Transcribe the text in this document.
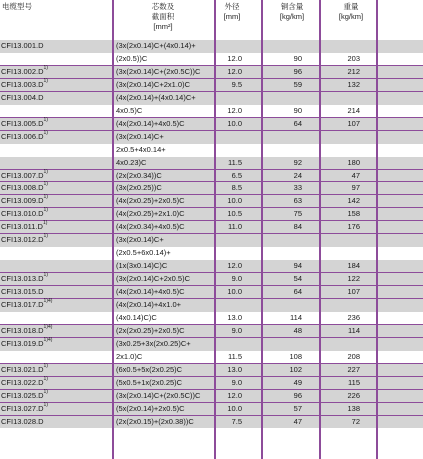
电缆型号	芯数及
截面积
[mm²]
外径
[mm]
铜含量
[kg/km]
重量
[kg/km]
CFI13.001.D	(3x(2x0.14)C+(4x0.14)+
(2x0.5))C	12.0	90	203
$CFI13.002.D^{1)}$	(3x(2x0.14)C+(2x0.5C))C	12.0	96	212
$CFI13.003.D^{1)}$	(3x(2x0.14)C+2x1.0)C	9.5	59	132
CFI13.004.D	(4x(2x0.14)+(4x0.14)C+
4x0.5)C	12.0	90	214
$CFI13.005.D^{1)}$	(4x(2x0.14)+4x0.5)C	10.0	64	107
$CFI13.006.D^{1)}$	(3x(2x0.14)C+
2x0.5+4x0.14+
4x0.23)C	11.5	92	180
$CFI13.007.D^{1)}$	(2x(2x0.34))C	6.5	24	47
$CFI13.008.D^{1)}$	(3x(2x0.25))C	8.5	33	97
$CFI13.009.D^{1)}$	(4x(2x0.25)+2x0.5)C	10.0	63	142
$CFI13.010.D^{1)}$	(4x(2x0.25)+2x1.0)C	10.5	75	158
$CFI13.011.D^{1)}$	(4x(2x0.34)+4x0.5)C	11.0	84	176
$CFI13.012.D^{1)}$	(3x(2x0.14)C+
(2x0.5+6x0.14)+
(1x(3x0.14)C)C	12.0	94	184
$CFI13.013.D^{1)}$	(3x(2x0.14)C+2x0.5)C	9.0	54	122
CFI13.015.D	(4x(2x0.14)+4x0.5)C	10.0	64	107
$CFI13.017.D^{1)4)}$	(4x(2x0.14)+4x1.0+
(4x0.14)C)C	13.0	114	236
$CFI13.018.D^{1)4)}$	(2x(2x0.25)+2x0.5)C	9.0	48	114
$CFI13.019.D^{1)4)}$	(3x0.25+3x(2x0.25)C+
2x1.0)C	11.5	108	208
$CFI13.021.D^{1)}$	(6x0.5+5x(2x0.25)C	13.0	102	227
$CFI13.022.D^{1)}$	(5x0.5+1x(2x0.25)C	9.0	49	115
$CFI13.025.D^{1)}$	(3x(2x0.14)C+(2x0.5C))C	12.0	96	226
$CFI13.027.D^{1)}$	(5x(2x0.14)+2x0.5)C	10.0	57	138
CFI13.028.D	(2x(2x0.15)+(2x0.38))C	7.5	47	72
